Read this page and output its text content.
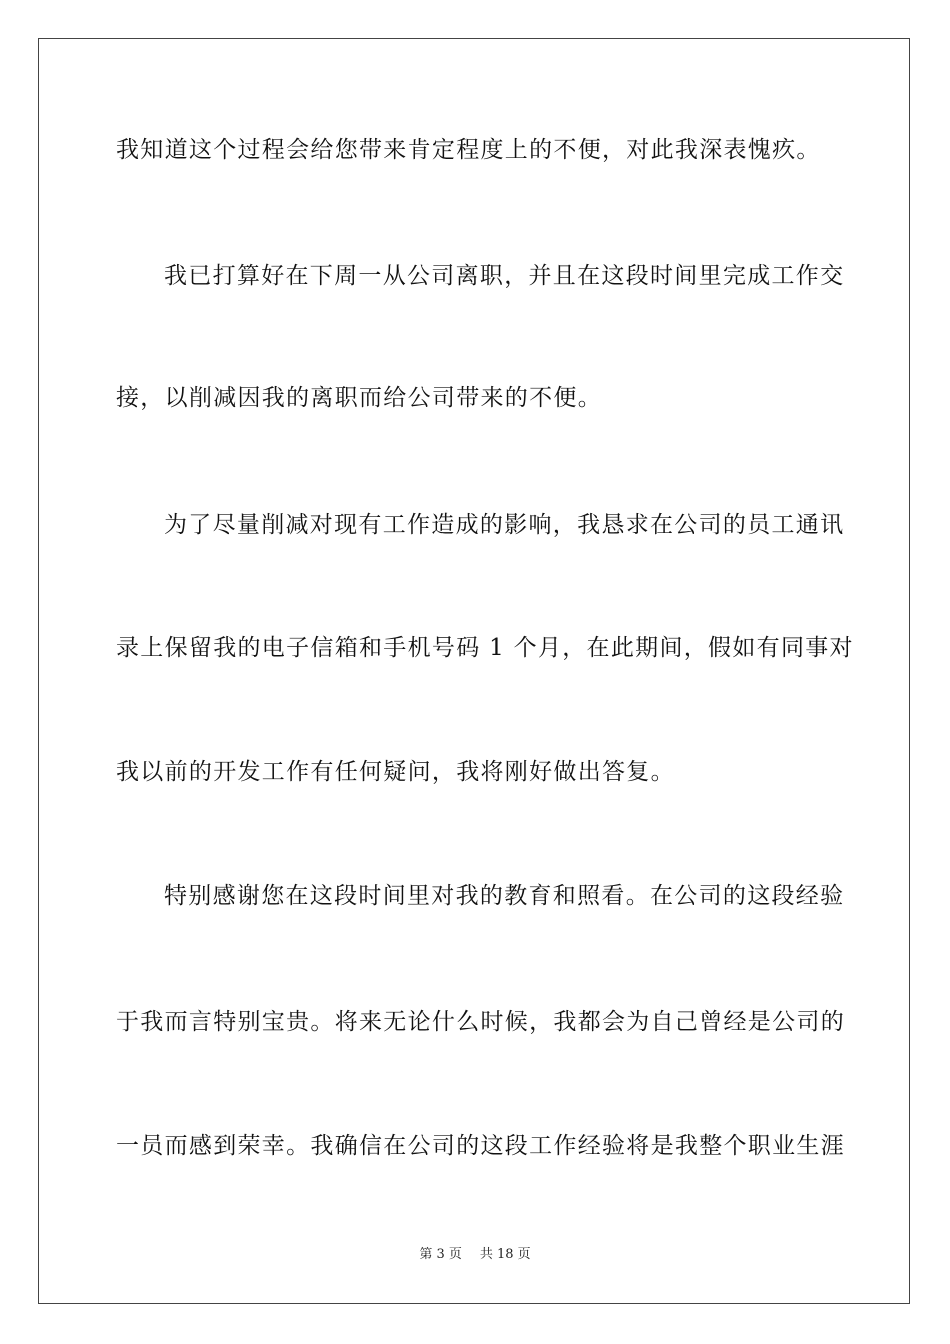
我知道这个过程会给您带来肯定程度上的不便，对此我深表愧疚。
我已打算好在下周一从公司离职，并且在这段时间里完成工作交
接，以削减因我的离职而给公司带来的不便。
为了尽量削减对现有工作造成的影响，我恳求在公司的员工通讯
录上保留我的电子信箱和手机号码 1 个月，在此期间，假如有同事对
我以前的开发工作有任何疑问，我将刚好做出答复。
特别感谢您在这段时间里对我的教育和照看。在公司的这段经验
于我而言特别宝贵。将来无论什么时候，我都会为自己曾经是公司的
一员而感到荣幸。我确信在公司的这段工作经验将是我整个职业生涯
第 3 页 共 18 页
